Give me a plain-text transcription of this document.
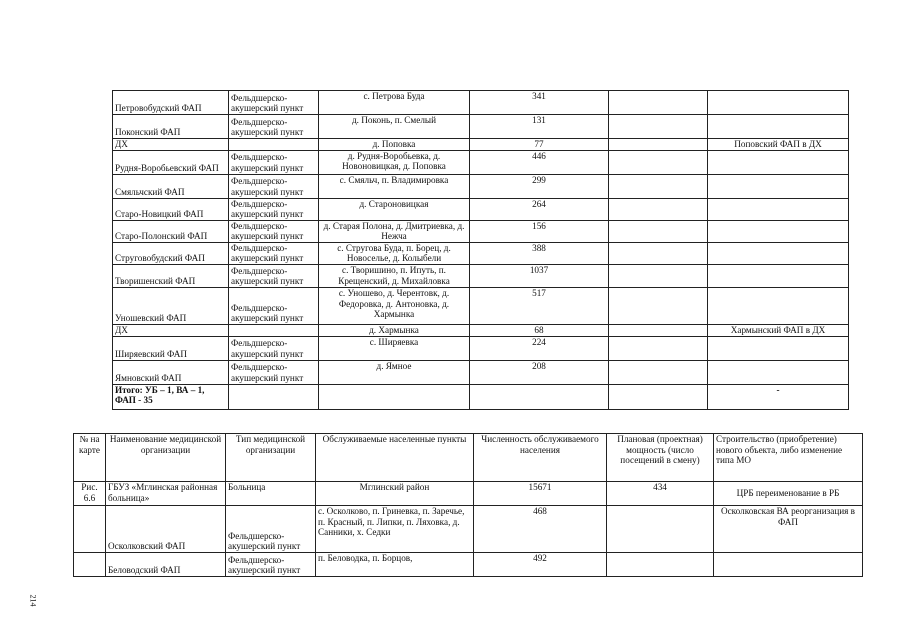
Петровобудский ФАП	Фельдшерско-акушерский пункт	с. Петрова Буда	341		
Поконский ФАП	Фельдшерско-акушерский пункт	д. Поконь, п. Смелый	131		
ДХ		д. Поповка	77		Поповский ФАП в ДХ
Рудня-Воробьевский ФАП	Фельдшерско-акушерский пункт	д. Рудня-Воробьевка, д. Новоновицкая, д. Поповка	446		
Смяльчский ФАП	Фельдшерско-акушерский пункт	с. Смяльч, п. Владимировка	299		
Старо-Новицкий ФАП	Фельдшерско-акушерский пункт	д. Староновицкая	264		
Старо-Полонский ФАП	Фельдшерско-акушерский пункт	д. Старая Полона, д. Дмитриевка, д. Нежча	156		
Струговобудский ФАП	Фельдшерско-акушерский пункт	с. Стругова Буда, п. Борец, д. Новоселье, д. Колыбели	388		
Творишенский ФАП	Фельдшерско-акушерский пункт	с. Творишино, п. Ипуть, п. Крещенский, д. Михайловка	1037		
Уношевский ФАП	Фельдшерско-акушерский пункт	с. Уношево, д. Черентовк, д. Федоровка, д. Антоновка, д. Хармынка	517		
ДХ		д. Хармынка	68		Хармынский ФАП в ДХ
Ширяевский ФАП	Фельдшерско-акушерский пункт	с. Ширяевка	224		
Ямновский ФАП	Фельдшерско-акушерский пункт	д. Ямное	208		
Итого: УБ – 1, ВА – 1, ФАП - 35					-
№ на карте	Наименование медицинской организации	Тип медицинской организации	Обслуживаемые населенные пункты	Численность обслуживаемого населения	Плановая (проектная) мощность (число посещений в смену)	Строительство (приобретение) нового объекта, либо изменение типа МО
Рис. 6.6	ГБУЗ «Мглинская районная больница»	Больница	Мглинский район	15671	434	ЦРБ переименование в РБ
	Осколковский ФАП	Фельдшерско-акушерский пункт	с. Осколково, п. Гриневка, п. Заречье, п. Красный, п. Липки, п. Ляховка, д. Санники, х. Седки	468		Осколковская ВА реорганизация в ФАП
	Беловодский ФАП	Фельдшерско-акушерский пункт	п. Беловодка, п. Борцов,	492		
214
